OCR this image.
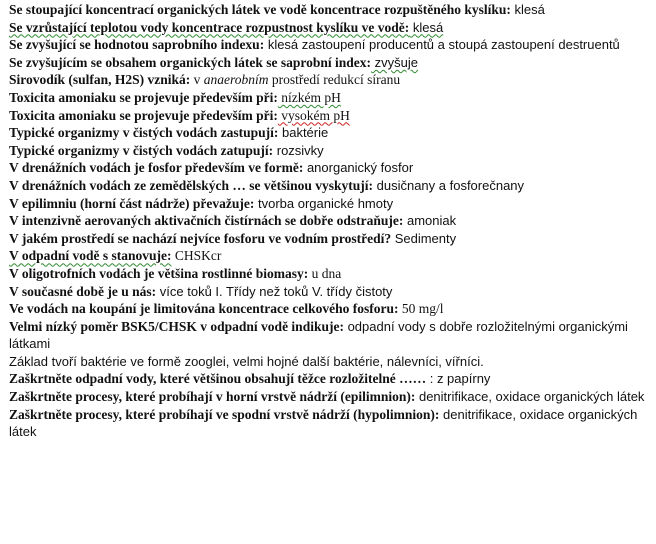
Se stoupající koncentrací organických látek ve vodě koncentrace rozpuštěného kyslíku: klesá
Se vzrůstající teplotou vody koncentrace rozpustnost kyslíku ve vodě: klesá
Se zvyšující se hodnotou saprobního indexu: klesá zastoupení producentů a stoupá zastoupení destruentů
Se zvyšujícím se obsahem organických látek se saprobní index: zvyšuje
Sirovodík (sulfan, H2S) vzniká: v anaerobním prostředí redukcí síranu
Toxicita amoniaku se projevuje především při: nízkém pH
Toxicita amoniaku se projevuje především při: vysokém pH
Typické organizmy v čistých vodách zastupují: baktérie
Typické organizmy v čistých vodách zatupují: rozsivky
V drenážních vodách je fosfor především ve formě: anorganický fosfor
V drenážních vodách ze zemědělských … se většinou vyskytují: dusičnany a fosforečnany
V epilimniu (horní část nádrže) převažuje: tvorba organické hmoty
V intenzivně aerovaných aktivačních čistírnách se dobře odstraňuje: amoniak
V jakém prostředí se nachází nejvíce fosforu ve vodním prostředí? Sedimenty
V odpadní vodě s stanovuje: CHSKcr
V oligotrofních vodách je většina rostlinné biomasy: u dna
V současné době je u nás: více toků I. Třídy než toků V. třídy čistoty
Ve vodách na koupání je limitována koncentrace celkového fosforu: 50 mg/l
Velmi nízký poměr BSK5/CHSK v odpadní vodě indikuje: odpadní vody s dobře rozložitelnými organickými látkami
Základ tvoří baktérie ve formě zooglei, velmi hojné další baktérie, nálevníci, vířníci.
Zaškrtněte odpadní vody, které většinou obsahují těžce rozložitelné …… : z papírny
Zaškrtněte procesy, které probíhají v horní vrstvě nádrží (epilimnion): denitrifikace, oxidace organických látek
Zaškrtněte procesy, které probíhají ve spodní vrstvě nádrží (hypolimnion): denitrifikace, oxidace organických látek
